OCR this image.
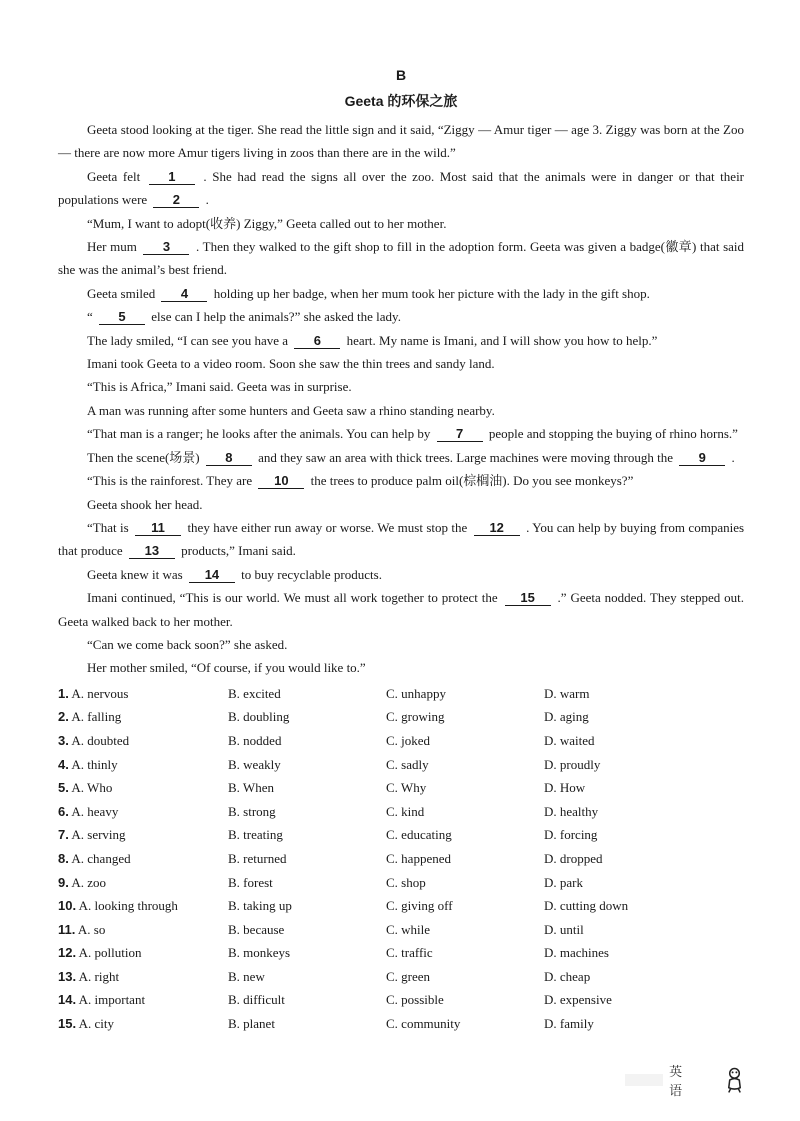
B
Geeta 的环保之旅

Geeta stood looking at the tiger. She read the little sign and it said, “Ziggy — Amur tiger — age 3. Ziggy was born at the Zoo — there are now more Amur tigers living in zoos than there are in the wild.”

Geeta felt 1 . She had read the signs all over the zoo. Most said that the animals were in danger or that their populations were 2 .

“Mum, I want to adopt(收养) Ziggy,” Geeta called out to her mother.

Her mum 3 . Then they walked to the gift shop to fill in the adoption form. Geeta was given a badge(徽章) that said she was the animal’s best friend.

Geeta smiled 4 holding up her badge, when her mum took her picture with the lady in the gift shop.

“ 5 else can I help the animals?” she asked the lady.

The lady smiled, “I can see you have a 6 heart. My name is Imani, and I will show you how to help.”

Imani took Geeta to a video room. Soon she saw the thin trees and sandy land.

“This is Africa,” Imani said. Geeta was in surprise.

A man was running after some hunters and Geeta saw a rhino standing nearby.

“That man is a ranger; he looks after the animals. You can help by 7 people and stopping the buying of rhino horns.”

Then the scene(场景) 8 and they saw an area with thick trees. Large machines were moving through the 9 .

“This is the rainforest. They are 10 the trees to produce palm oil(棕榈油). Do you see monkeys?”

Geeta shook her head.

“That is 11 they have either run away or worse. We must stop the 12 . You can help by buying from companies that produce 13 products,” Imani said.

Geeta knew it was 14 to buy recyclable products.

Imani continued, “This is our world. We must all work together to protect the 15 .” Geeta nodded. They stepped out. Geeta walked back to her mother.

“Can we come back soon?” she asked.

Her mother smiled, “Of course, if you would like to.”

1. A. nervous	B. excited	C. unhappy	D. warm
2. A. falling	B. doubling	C. growing	D. aging
3. A. doubted	B. nodded	C. joked	D. waited
4. A. thinly	B. weakly	C. sadly	D. proudly
5. A. Who	B. When	C. Why	D. How
6. A. heavy	B. strong	C. kind	D. healthy
7. A. serving	B. treating	C. educating	D. forcing
8. A. changed	B. returned	C. happened	D. dropped
9. A. zoo	B. forest	C. shop	D. park
10. A. looking through	B. taking up	C. giving off	D. cutting down
11. A. so	B. because	C. while	D. until
12. A. pollution	B. monkeys	C. traffic	D. machines
13. A. right	B. new	C. green	D. cheap
14. A. important	B. difficult	C. possible	D. expensive
15. A. city	B. planet	C. community	D. family
英语
